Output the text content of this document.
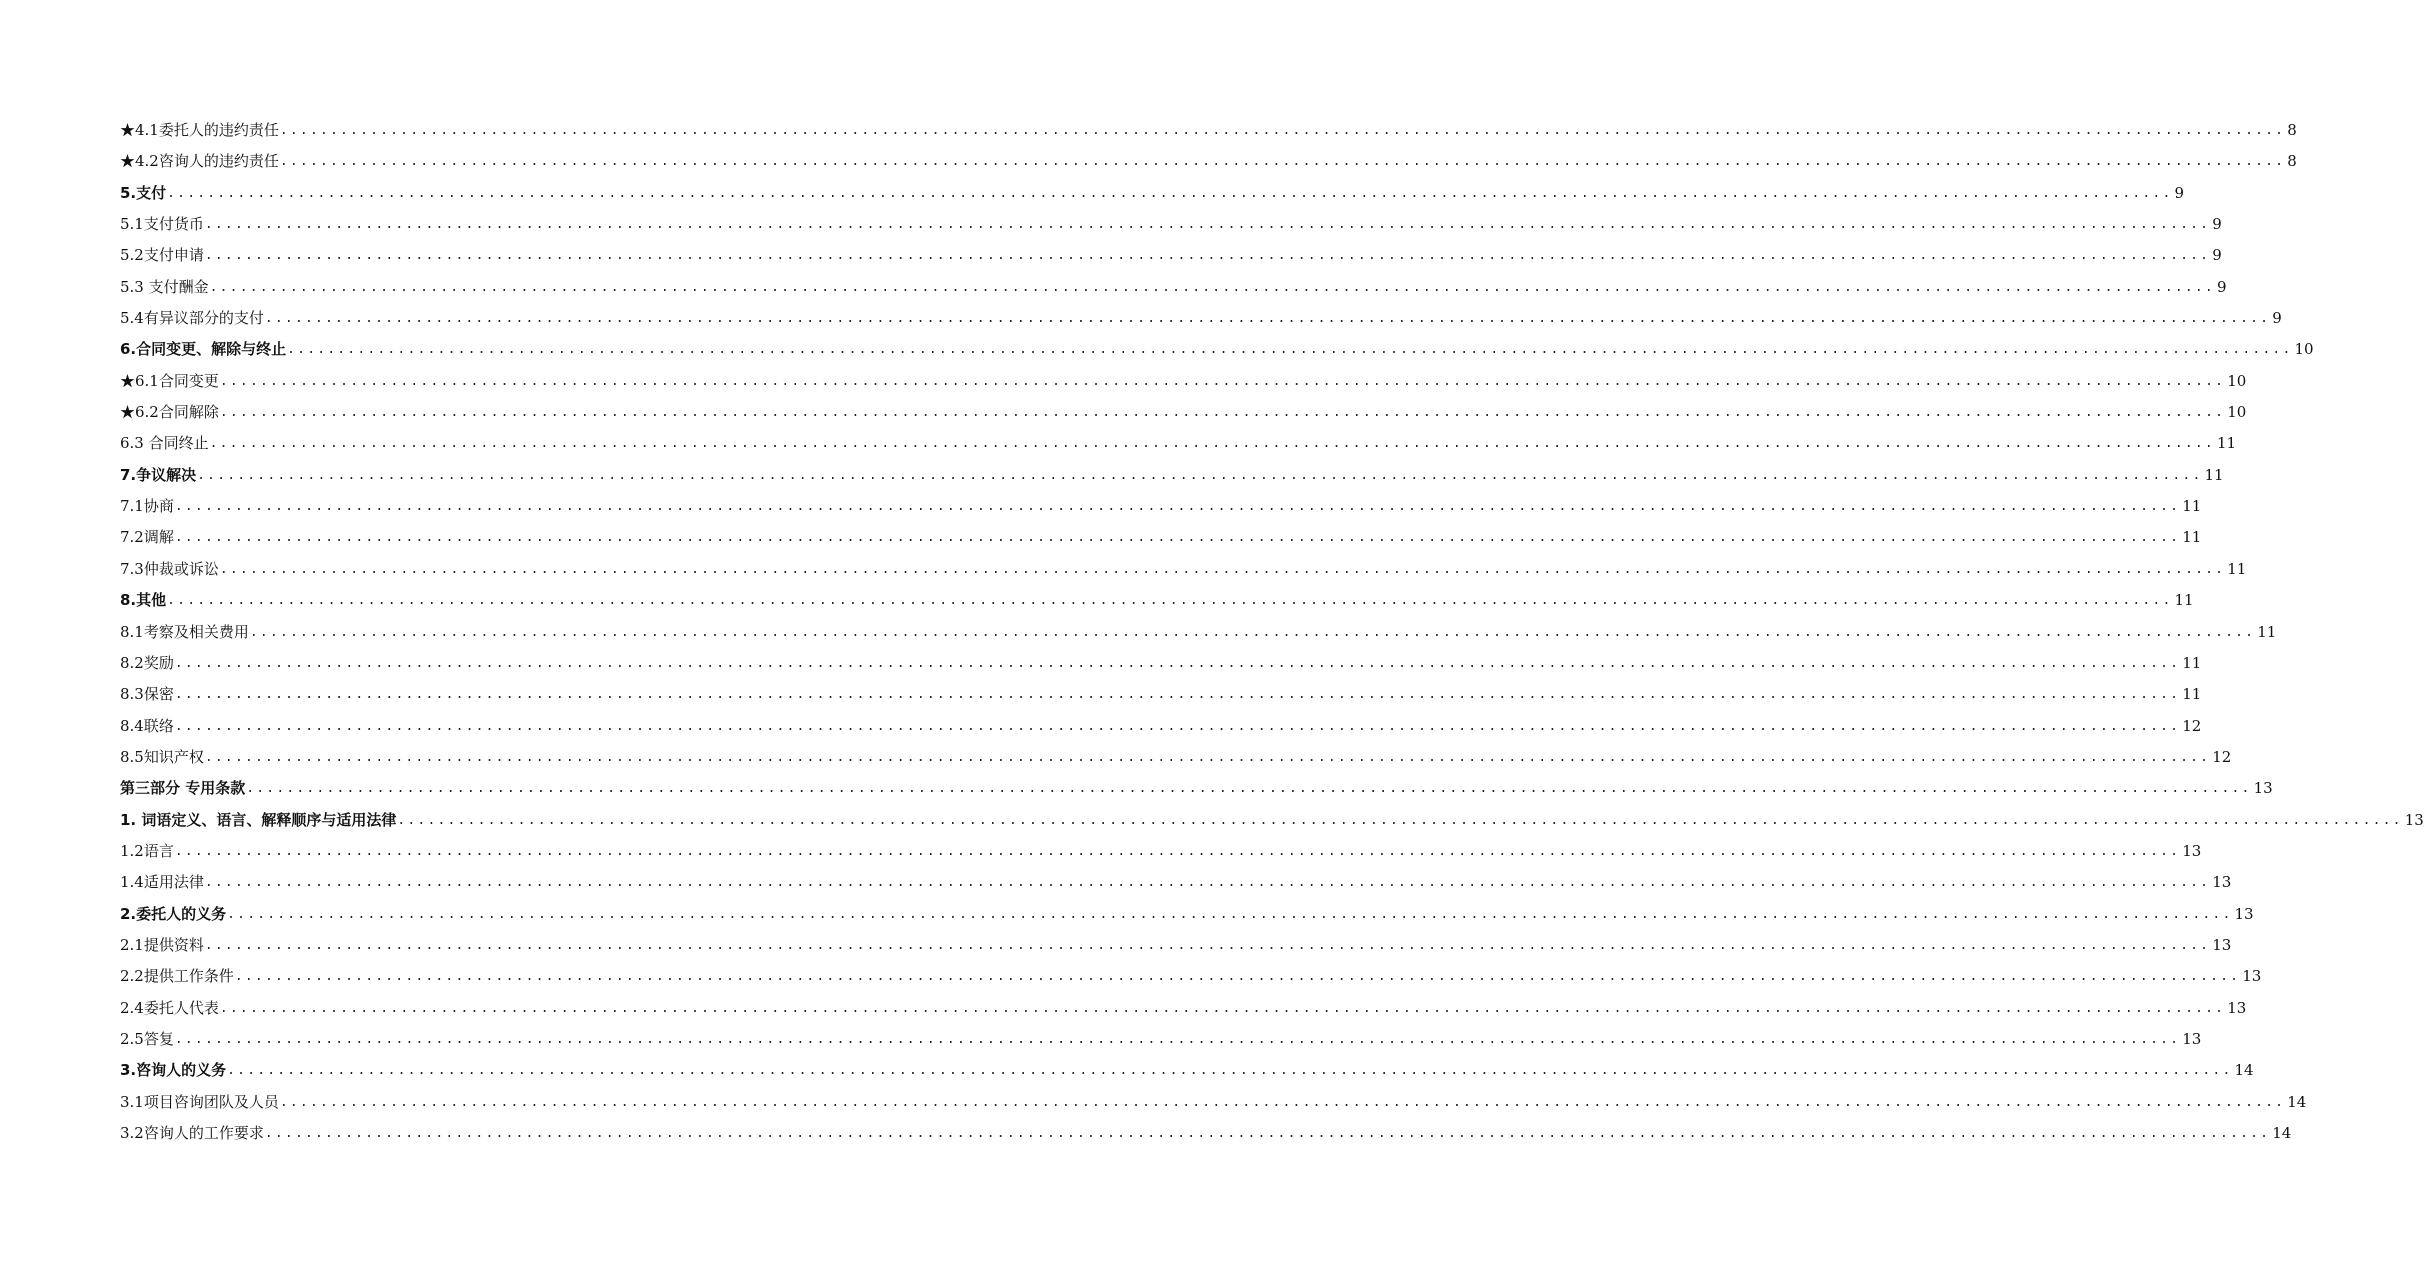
★4.1委托人的违约责任 ........................................................................................................................................................................................................ 8
★4.2咨询人的违约责任 ........................................................................................................................................................................................................ 8
5.支付 ........................................................................................................................................................................................................ 9
5.1支付货币 ........................................................................................................................................................................................................ 9
5.2支付申请 ........................................................................................................................................................................................................ 9
5.3 支付酬金 ........................................................................................................................................................................................................ 9
5.4有异议部分的支付 ........................................................................................................................................................................................................ 9
6.合同变更、解除与终止 ........................................................................................................................................................................................................ 10
★6.1合同变更 ........................................................................................................................................................................................................ 10
★6.2合同解除 ........................................................................................................................................................................................................ 10
6.3 合同终止 ........................................................................................................................................................................................................ 11
7.争议解决 ........................................................................................................................................................................................................ 11
7.1协商 ........................................................................................................................................................................................................ 11
7.2调解 ........................................................................................................................................................................................................ 11
7.3仲裁或诉讼 ........................................................................................................................................................................................................ 11
8.其他 ........................................................................................................................................................................................................ 11
8.1考察及相关费用 ........................................................................................................................................................................................................ 11
8.2奖励 ........................................................................................................................................................................................................ 11
8.3保密 ........................................................................................................................................................................................................ 11
8.4联络 ........................................................................................................................................................................................................ 12
8.5知识产权 ........................................................................................................................................................................................................ 12
第三部分 专用条款 ........................................................................................................................................................................................................ 13
1. 词语定义、语言、解释顺序与适用法律 ........................................................................................................................................................................................................ 13
1.2语言 ........................................................................................................................................................................................................ 13
1.4适用法律 ........................................................................................................................................................................................................ 13
2.委托人的义务 ........................................................................................................................................................................................................ 13
2.1提供资料 ........................................................................................................................................................................................................ 13
2.2提供工作条件 ........................................................................................................................................................................................................ 13
2.4委托人代表 ........................................................................................................................................................................................................ 13
2.5答复 ........................................................................................................................................................................................................ 13
3.咨询人的义务 ........................................................................................................................................................................................................ 14
3.1项目咨询团队及人员 ........................................................................................................................................................................................................ 14
3.2咨询人的工作要求 ........................................................................................................................................................................................................ 14
